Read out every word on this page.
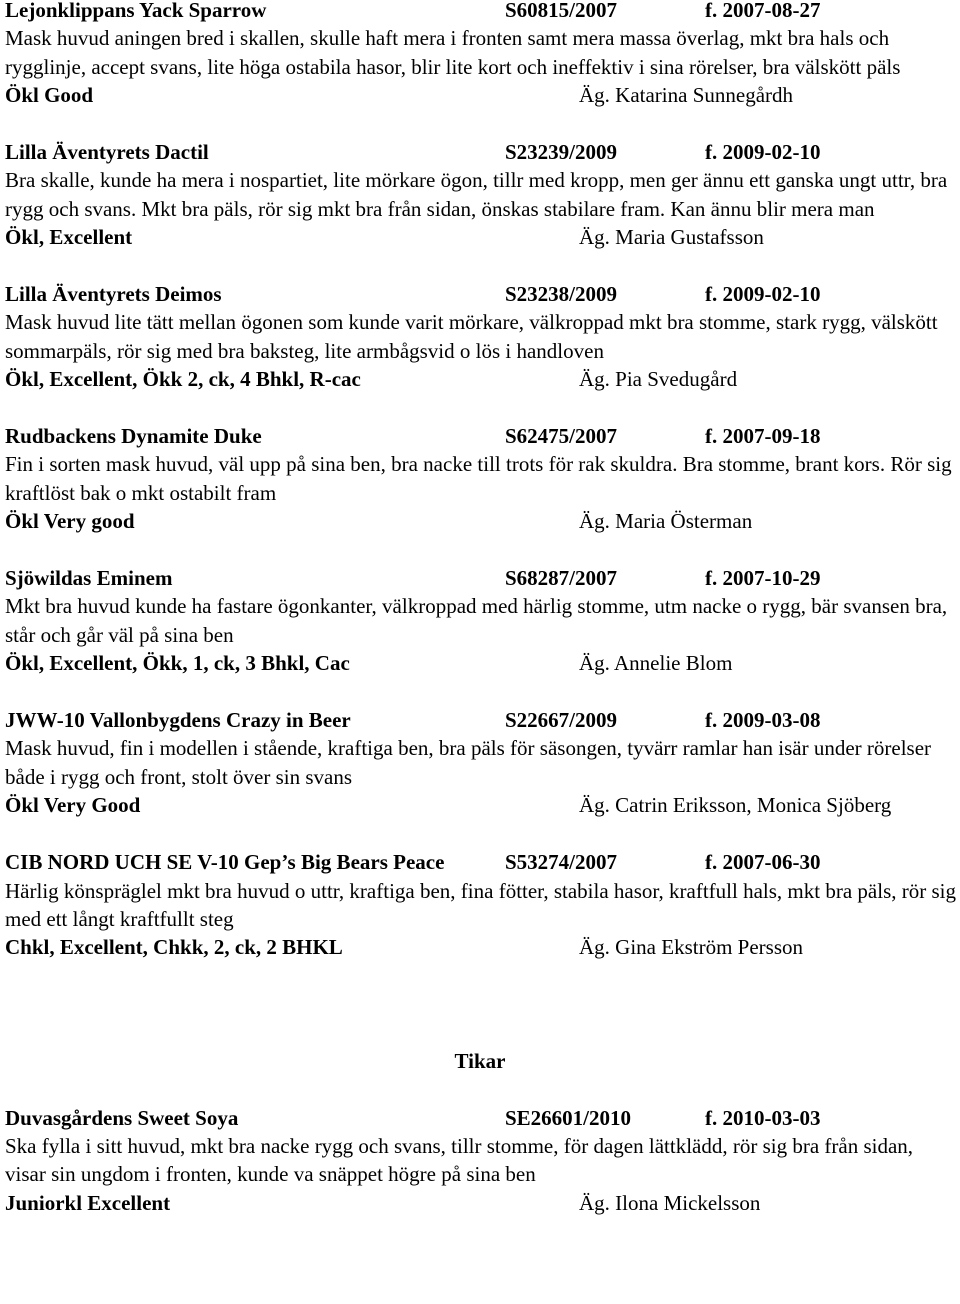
Lejonklippans Yack Sparrow	S60815/2007	f. 2007-08-27
Mask huvud aningen bred i skallen, skulle haft mera i fronten samt mera massa överlag, mkt bra hals och rygglinje, accept svans, lite höga ostabila hasor, blir lite kort och ineffektiv i sina rörelser, bra välskött päls
Ökl Good	Äg. Katarina Sunnegårdh
Lilla Äventyrets Dactil	S23239/2009	f. 2009-02-10
Bra skalle, kunde ha mera i nospartiet, lite mörkare ögon, tillr med kropp, men ger ännu ett ganska ungt uttr, bra rygg och svans. Mkt bra päls, rör sig mkt bra från sidan, önskas stabilare fram. Kan ännu blir mera man
Ökl, Excellent	Äg. Maria Gustafsson
Lilla Äventyrets Deimos	S23238/2009	f. 2009-02-10
Mask huvud lite tätt mellan ögonen som kunde varit mörkare, välkroppad mkt bra stomme, stark rygg, välskött sommarpäls, rör sig med bra baksteg, lite armbågsvid o lös i handloven
Ökl, Excellent, Ökk 2, ck, 4 Bhkl, R-cac	Äg. Pia Svedugård
Rudbackens Dynamite Duke	S62475/2007	f. 2007-09-18
Fin i sorten mask huvud, väl upp på sina ben, bra nacke till trots för rak skuldra. Bra stomme, brant kors. Rör sig kraftlöst bak o mkt ostabilt fram
Ökl Very good	Äg. Maria Österman
Sjöwildas Eminem	S68287/2007	f. 2007-10-29
Mkt bra huvud kunde ha fastare ögonkanter, välkroppad med härlig stomme, utm nacke o rygg, bär svansen bra, står och går väl på sina ben
Ökl, Excellent, Ökk, 1, ck, 3 Bhkl, Cac	Äg. Annelie Blom
JWW-10 Vallonbygdens Crazy in Beer	S22667/2009	f. 2009-03-08
Mask huvud, fin i modellen i stående, kraftiga ben, bra päls för säsongen, tyvärr ramlar han isär under rörelser både i rygg och front, stolt över sin svans
Ökl Very Good	Äg. Catrin Eriksson, Monica Sjöberg
CIB NORD UCH SE V-10 Gep’s Big Bears Peace	S53274/2007	f. 2007-06-30
Härlig könspräglel mkt bra huvud o uttr, kraftiga ben, fina fötter, stabila hasor, kraftfull hals, mkt bra päls, rör sig med ett långt kraftfullt steg
Chkl, Excellent, Chkk, 2, ck, 2 BHKL	Äg. Gina Ekström Persson
Tikar
Duvasgårdens Sweet Soya	SE26601/2010	f. 2010-03-03
Ska fylla i sitt huvud, mkt bra nacke rygg och svans, tillr stomme, för dagen lättklädd, rör sig bra från sidan, visar sin ungdom i fronten, kunde va snäppet högre på sina ben
Juniorkl Excellent	Äg. Ilona Mickelsson
